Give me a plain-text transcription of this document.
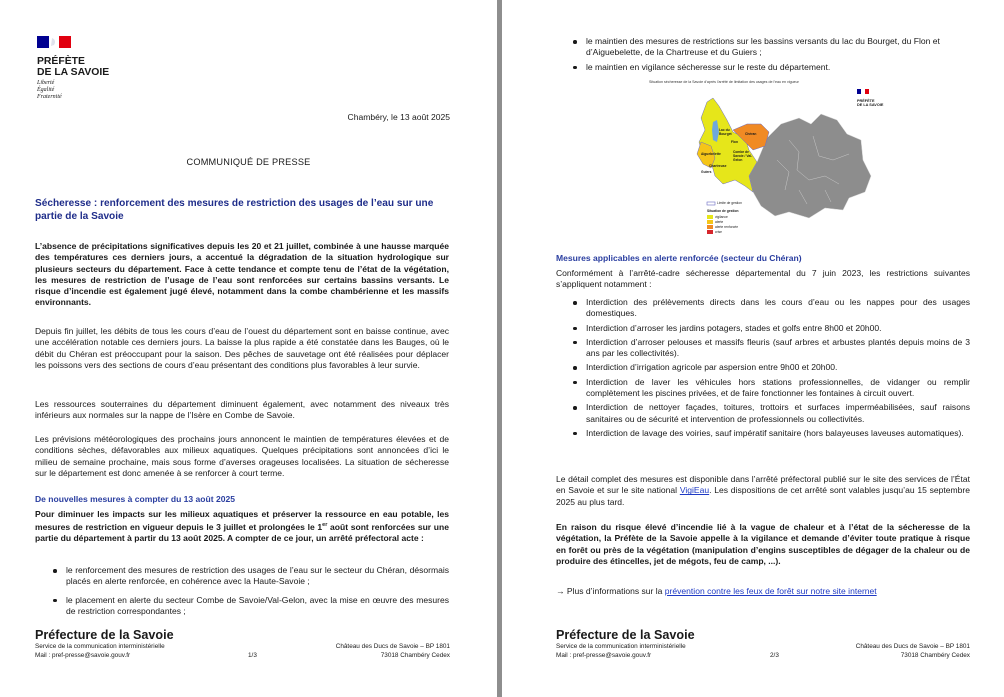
PRÉFÈTE
DE LA SAVOIE
Liberté
Égalité
Fraternité
Chambéry, le 13 août 2025
COMMUNIQUÉ DE PRESSE
Sécheresse : renforcement des mesures de restriction des usages de l’eau sur une partie de la Savoie
L’absence de précipitations significatives depuis les 20 et 21 juillet, combinée à une hausse marquée des températures ces derniers jours, a accentué la dégradation de la situation hydrologique sur plusieurs secteurs du département. Face à cette tendance et compte tenu de l’état de la végétation, les mesures de restriction de l’usage de l’eau sont renforcées sur certains bassins versants. Le risque d’incendie est également jugé élevé, notamment dans la combe chambérienne et les massifs environnants.
Depuis fin juillet, les débits de tous les cours d’eau de l’ouest du département sont en baisse continue, avec une accélération notable ces derniers jours. La baisse la plus rapide a été constatée dans les Bauges, où le débit du Chéran est préoccupant pour la saison. Des pêches de sauvetage ont été réalisées pour déplacer les poissons vers des sections de cours d’eau présentant des conditions plus favorables à leur survie.
Les ressources souterraines du département diminuent également, avec notamment des niveaux très inférieurs aux normales sur la nappe de l’Isère en Combe de Savoie.
Les prévisions météorologiques des prochains jours annoncent le maintien de températures élevées et de conditions sèches, défavorables aux milieux aquatiques. Quelques précipitations sont annoncées d’ici le milieu de semaine prochaine, mais sous forme d’averses orageuses localisées. La situation de sécheresse sur le département est donc amenée à se renforcer à court terme.
De nouvelles mesures à compter du 13 août 2025
Pour diminuer les impacts sur les milieux aquatiques et préserver la ressource en eau potable, les mesures de restriction en vigueur depuis le 3 juillet et prolongées le 1er août sont renforcées sur une partie du département à partir du 13 août 2025. A compter de ce jour, un arrêté préfectoral acte :
le renforcement des mesures de restriction des usages de l’eau sur le secteur du Chéran, désormais placés en alerte renforcée, en cohérence avec la Haute-Savoie ;
le placement en alerte du secteur Combe de Savoie/Val-Gelon, avec la mise en œuvre des mesures de restriction correspondantes ;
Préfecture de la Savoie
Service de la communication interministérielle
Mail : pref-presse@savoie.gouv.fr	1/3
Château des Ducs de Savoie – BP 1801
73018 Chambéry Cedex
le maintien des mesures de restrictions sur les bassins versants du lac du Bourget, du Flon et d’Aiguebelette, de la Chartreuse et du Guiers ;
le maintien en vigilance sécheresse sur le reste du département.
Situation sécheresse de la Savoie d’après l’arrêté de limitation des usages de l’eau en vigueur
PRÉFÈTE
DE LA SAVOIE
Chéran
Lac du Bourget
Flon
Combe de Savoie / Val-Gelon
Aiguebelette
Chartreuse
Guiers
Limite de gestion
Situation de gestion
vigilance
alerte
alerte renforcée
crise
Mesures applicables en alerte renforcée (secteur du Chéran)
Conformément à l’arrêté-cadre sécheresse départemental du 7 juin 2023, les restrictions suivantes s’appliquent notamment :
Interdiction des prélèvements directs dans les cours d’eau ou les nappes pour des usages domestiques.
Interdiction d’arroser les jardins potagers, stades et golfs entre 8h00 et 20h00.
Interdiction d’arroser pelouses et massifs fleuris (sauf arbres et arbustes plantés depuis moins de 3 ans par les collectivités).
Interdiction d’irrigation agricole par aspersion entre 9h00 et 20h00.
Interdiction de laver les véhicules hors stations professionnelles, de vidanger ou remplir complètement les piscines privées, et de faire fonctionner les fontaines à circuit ouvert.
Interdiction de nettoyer façades, toitures, trottoirs et surfaces imperméabilisées, sauf raisons sanitaires ou de sécurité et intervention de professionnels ou collectivités.
Interdiction de lavage des voiries, sauf impératif sanitaire (hors balayeuses laveuses automatiques).
Le détail complet des mesures est disponible dans l’arrêté préfectoral publié sur le site des services de l’État en Savoie et sur le site national VigiEau. Les dispositions de cet arrêté sont valables jusqu’au 15 septembre 2025 au plus tard.
En raison du risque élevé d’incendie lié à la vague de chaleur et à l’état de la sécheresse de la végétation, la Préfète de la Savoie appelle à la vigilance et demande d’éviter toute pratique à risque en forêt ou près de la végétation (manipulation d’engins susceptibles de dégager de la chaleur ou de produire des étincelles, jet de mégots, feu de camp, ...).
→ Plus d’informations sur la prévention contre les feux de forêt sur notre site internet
Préfecture de la Savoie
Service de la communication interministérielle
Mail : pref-presse@savoie.gouv.fr	2/3
Château des Ducs de Savoie – BP 1801
73018 Chambéry Cedex
